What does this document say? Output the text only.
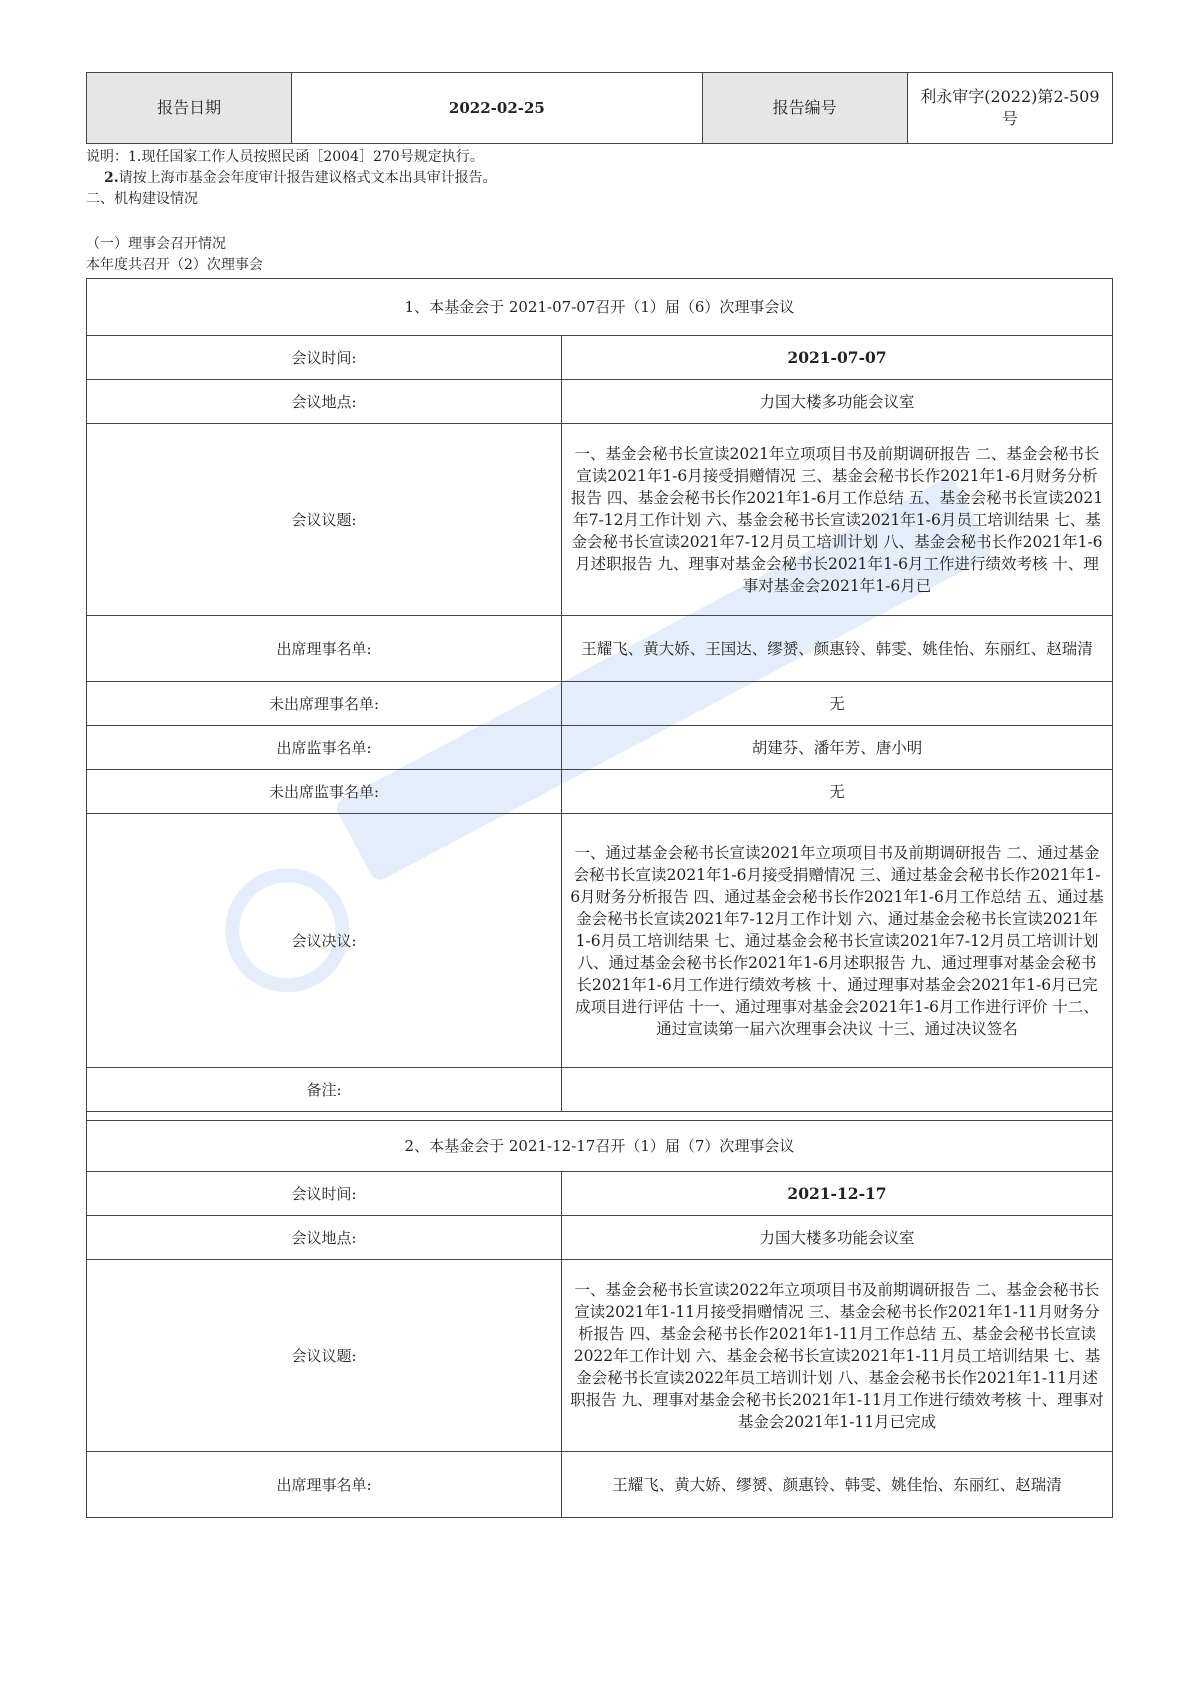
报告日期	2022-02-25	报告编号	利永审字(2022)第2-509号
说明：1.现任国家工作人员按照民函［2004］270号规定执行。
2.请按上海市基金会年度审计报告建议格式文本出具审计报告。
二、机构建设情况
（一）理事会召开情况
本年度共召开（2）次理事会
1、本基金会于 2021-07-07召开（1）届（6）次理事会议	
会议时间:	2021-07-07
会议地点:	力国大楼多功能会议室
会议议题:	一、基金会秘书长宣读2021年立项项目书及前期调研报告 二、基金会秘书长宣读2021年1-6月接受捐赠情况 三、基金会秘书长作2021年1-6月财务分析报告 四、基金会秘书长作2021年1-6月工作总结 五、基金会秘书长宣读2021年7-12月工作计划 六、基金会秘书长宣读2021年1-6月员工培训结果 七、基金会秘书长宣读2021年7-12月员工培训计划 八、基金会秘书长作2021年1-6月述职报告 九、理事对基金会秘书长2021年1-6月工作进行绩效考核 十、理事对基金会2021年1-6月已
出席理事名单:	王耀飞、黄大娇、王国达、缪赟、颜惠铃、韩雯、姚佳怡、东丽红、赵瑞清
未出席理事名单:	无
出席监事名单:	胡建芬、潘年芳、唐小明
未出席监事名单:	无
会议决议:	一、通过基金会秘书长宣读2021年立项项目书及前期调研报告 二、通过基金会秘书长宣读2021年1-6月接受捐赠情况 三、通过基金会秘书长作2021年1-6月财务分析报告 四、通过基金会秘书长作2021年1-6月工作总结 五、通过基金会秘书长宣读2021年7-12月工作计划 六、通过基金会秘书长宣读2021年1-6月员工培训结果 七、通过基金会秘书长宣读2021年7-12月员工培训计划 八、通过基金会秘书长作2021年1-6月述职报告 九、通过理事对基金会秘书长2021年1-6月工作进行绩效考核 十、通过理事对基金会2021年1-6月已完成项目进行评估 十一、通过理事对基金会2021年1-6月工作进行评价 十二、通过宣读第一届六次理事会决议 十三、通过决议签名
备注:	
2、本基金会于 2021-12-17召开（1）届（7）次理事会议	
会议时间:	2021-12-17
会议地点:	力国大楼多功能会议室
会议议题:	一、基金会秘书长宣读2022年立项项目书及前期调研报告 二、基金会秘书长宣读2021年1-11月接受捐赠情况 三、基金会秘书长作2021年1-11月财务分析报告 四、基金会秘书长作2021年1-11月工作总结 五、基金会秘书长宣读2022年工作计划 六、基金会秘书长宣读2021年1-11月员工培训结果 七、基金会秘书长宣读2022年员工培训计划 八、基金会秘书长作2021年1-11月述职报告 九、理事对基金会秘书长2021年1-11月工作进行绩效考核 十、理事对基金会2021年1-11月已完成
出席理事名单:	王耀飞、黄大娇、缪赟、颜惠铃、韩雯、姚佳怡、东丽红、赵瑞清
